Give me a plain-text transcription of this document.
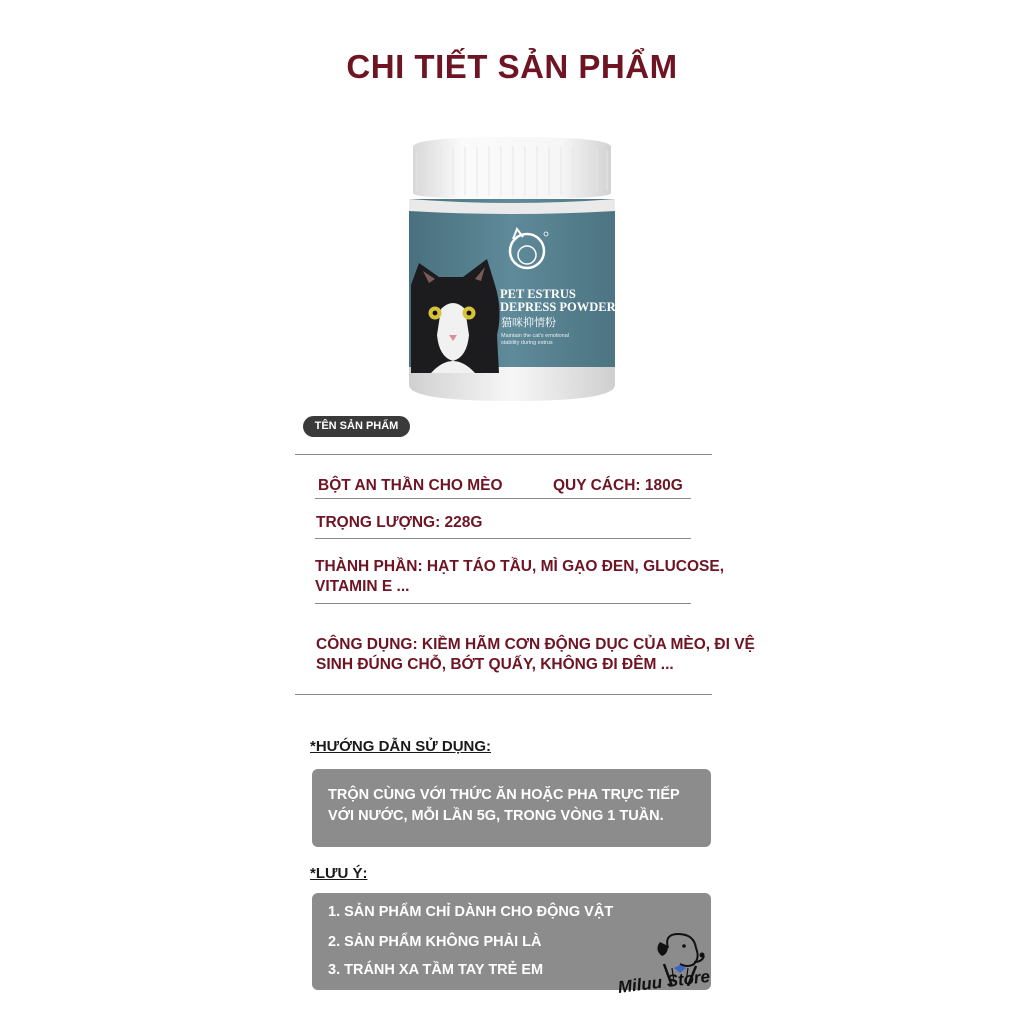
CHI TIẾT SẢN PHẨM
PET ESTRUS
DEPRESS POWDER
猫咪抑情粉
Maintain the cat's emotional
stability during estrus
TÊN SẢN PHẨM
BỘT AN THẦN CHO MÈO	QUY CÁCH: 180G
TRỌNG LƯỢNG: 228G
THÀNH PHẦN: HẠT TÁO TẦU, MÌ GẠO ĐEN, GLUCOSE,
VITAMIN E ...
CÔNG DỤNG: KIỀM HÃM CƠN ĐỘNG DỤC CỦA MÈO, ĐI VỆ
SINH ĐÚNG CHỖ, BỚT QUẤY, KHÔNG ĐI ĐÊM ...
*HƯỚNG DẪN SỬ DỤNG:
TRỘN CÙNG VỚI THỨC ĂN HOẶC PHA TRỰC TIẾP
VỚI NƯỚC, MỖI LẦN 5G, TRONG VÒNG 1 TUẦN.
*LƯU Ý:
1. SẢN PHẨM CHỈ DÀNH CHO ĐỘNG VẬT
2. SẢN PHẨM KHÔNG PHẢI LÀ
3. TRÁNH XA TẦM TAY TRẺ EM	Miluu Store
